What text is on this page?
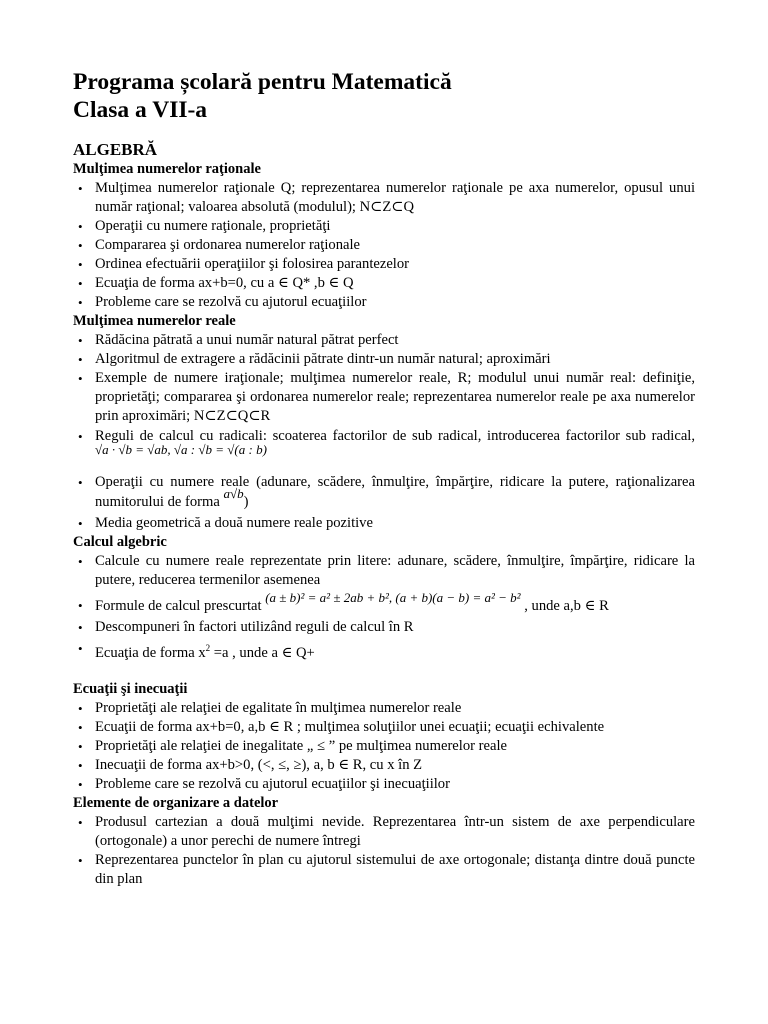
Programa școlară pentru Matematică
Clasa a VII-a
ALGEBRĂ
Mulţimea numerelor raţionale
• Mulţimea numerelor raţionale Q; reprezentarea numerelor raţionale pe axa numerelor, opusul unui număr raţional; valoarea absolută (modulul); N⊂Z⊂Q
• Operaţii cu numere raţionale, proprietăţi
• Compararea şi ordonarea numerelor raţionale
• Ordinea efectuării operaţiilor şi folosirea parantezelor
• Ecuaţia de forma ax+b=0, cu a ∈ Q* ,b ∈ Q
• Probleme care se rezolvă cu ajutorul ecuaţiilor
Mulţimea numerelor reale
• Rădăcina pătrată a unui număr natural pătrat perfect
• Algoritmul de extragere a rădăcinii pătrate dintr-un număr natural; aproximări
• Exemple de numere iraţionale; mulţimea numerelor reale, R; modulul unui număr real: definiţie, proprietăţi; compararea şi ordonarea numerelor reale; reprezentarea numerelor reale pe axa numerelor prin aproximări; N⊂Z⊂Q⊂R
• Reguli de calcul cu radicali: scoaterea factorilor de sub radical, introducerea factorilor sub radical, √a · √b = √ab, √a : √b = √(a : b)
• Operaţii cu numere reale (adunare, scădere, înmulţire, împărţire, ridicare la putere, raţionalizarea numitorului de forma a√b)
• Media geometrică a două numere reale pozitive
Calcul algebric
• Calcule cu numere reale reprezentate prin litere: adunare, scădere, înmulţire, împărţire, ridicare la putere, reducerea termenilor asemenea
• Formule de calcul prescurtat (a ± b)² = a² ± 2ab + b², (a + b)(a − b) = a² − b² , unde a,b ∈ R
• Descompuneri în factori utilizând reguli de calcul în R
• Ecuaţia de forma $x^2 =a$ , unde a ∈ Q+
Ecuaţii şi inecuaţii
• Proprietăţi ale relaţiei de egalitate în mulţimea numerelor reale
• Ecuaţii de forma ax+b=0, a,b ∈ R ; mulţimea soluţiilor unei ecuaţii; ecuaţii echivalente
• Proprietăţi ale relaţiei de inegalitate „ ≤ ” pe mulţimea numerelor reale
• Inecuaţii de forma ax+b>0, (<, ≤, ≥), a, b ∈ R, cu x în Z
• Probleme care se rezolvă cu ajutorul ecuaţiilor şi inecuaţiilor
Elemente de organizare a datelor
• Produsul cartezian a două mulţimi nevide. Reprezentarea într-un sistem de axe perpendiculare (ortogonale) a unor perechi de numere întregi
• Reprezentarea punctelor în plan cu ajutorul sistemului de axe ortogonale; distanţa dintre două puncte din plan
